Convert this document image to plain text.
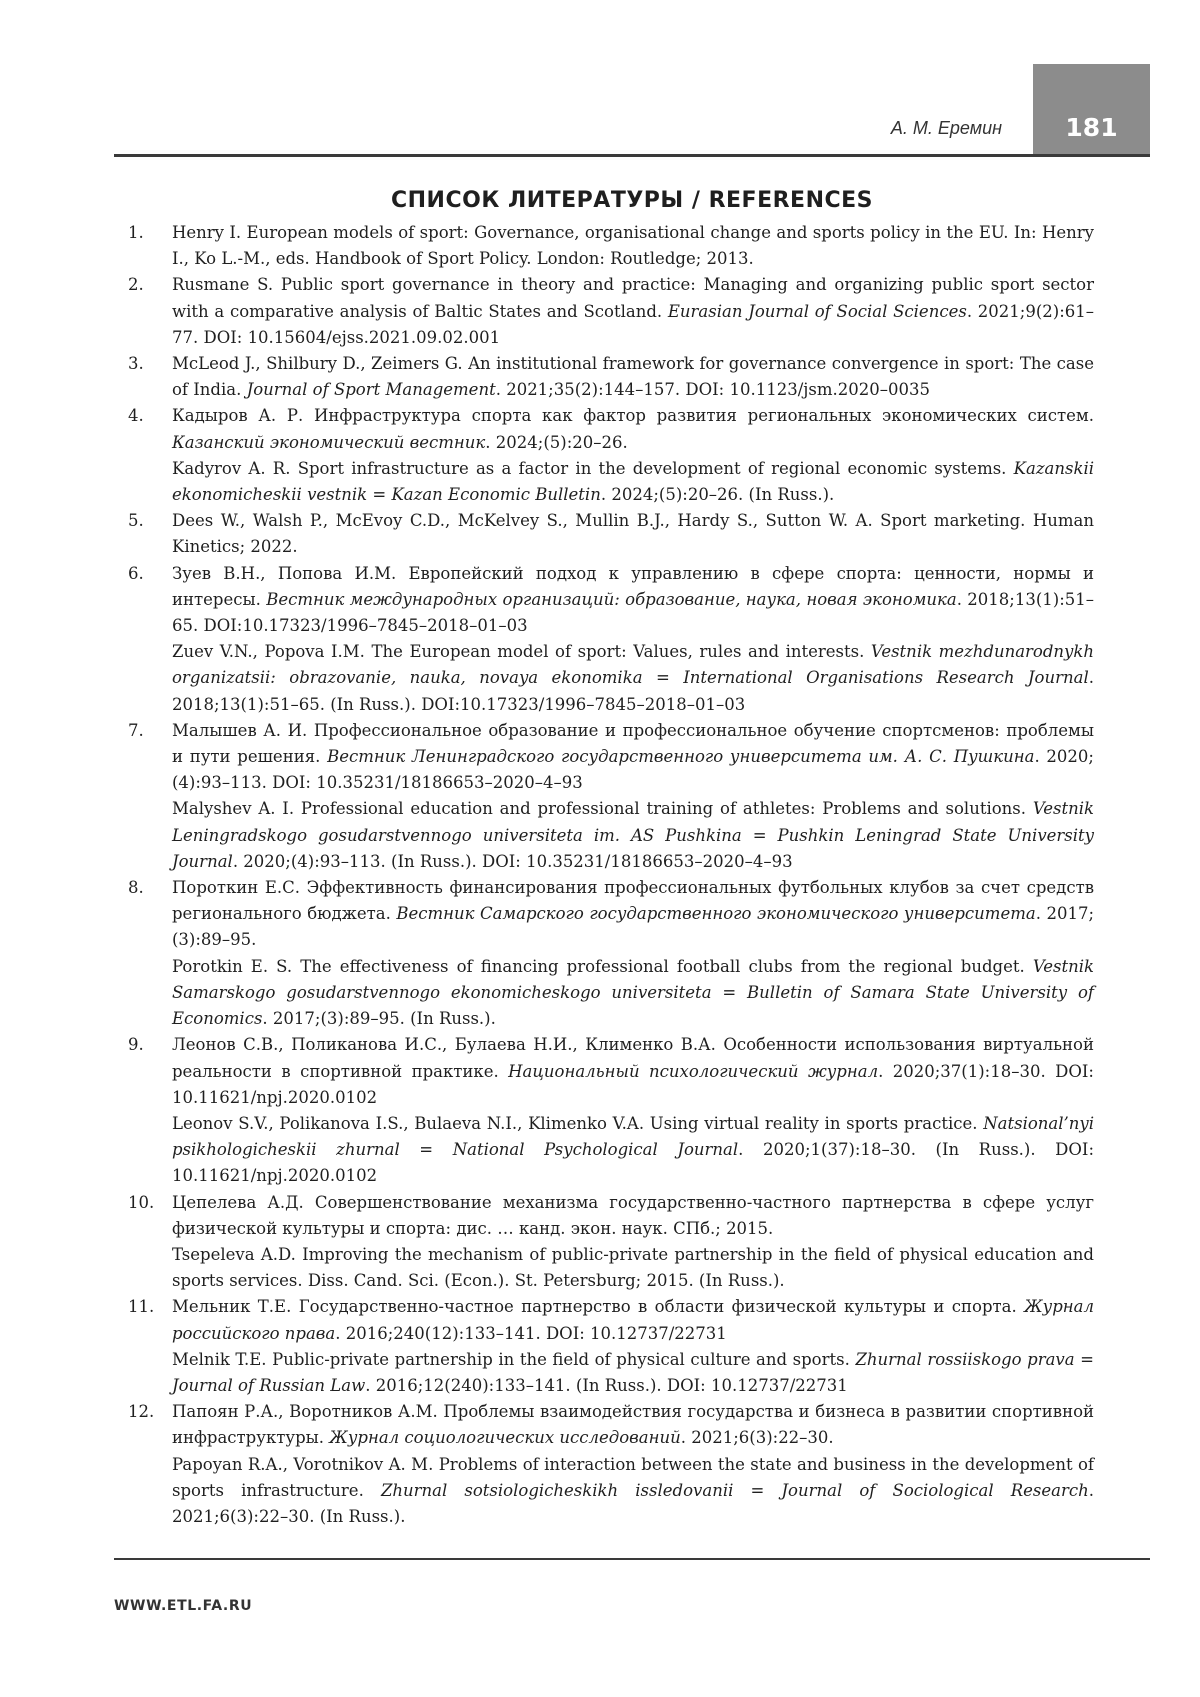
181
А. М. Еремин
СПИСОК ЛИТЕРАТУРЫ / REFERENCES
1. Henry I. European models of sport: Governance, organisational change and sports policy in the EU. In: Henry I., Ko L.-M., eds. Handbook of Sport Policy. London: Routledge; 2013.
2. Rusmane S. Public sport governance in theory and practice: Managing and organizing public sport sector with a comparative analysis of Baltic States and Scotland. Eurasian Journal of Social Sciences. 2021;9(2):61–77. DOI: 10.15604/ejss.2021.09.02.001
3. McLeod J., Shilbury D., Zeimers G. An institutional framework for governance convergence in sport: The case of India. Journal of Sport Management. 2021;35(2):144–157. DOI: 10.1123/jsm.2020–0035
4. Кадыров А. Р. Инфраструктура спорта как фактор развития региональных экономических систем. Казанский экономический вестник. 2024;(5):20–26.
Kadyrov A. R. Sport infrastructure as a factor in the development of regional economic systems. Kazanskii ekonomicheskii vestnik = Kazan Economic Bulletin. 2024;(5):20–26. (In Russ.).
5. Dees W., Walsh P., McEvoy C.D., McKelvey S., Mullin B.J., Hardy S., Sutton W. A. Sport marketing. Human Kinetics; 2022.
6. Зуев В.Н., Попова И.М. Европейский подход к управлению в сфере спорта: ценности, нормы и интересы. Вестник международных организаций: образование, наука, новая экономика. 2018;13(1):51–65. DOI:10.17323/1996–7845–2018–01–03
Zuev V.N., Popova I.M. The European model of sport: Values, rules and interests. Vestnik mezhdunarodnykh organizatsii: obrazovanie, nauka, novaya ekonomika = International Organisations Research Journal. 2018;13(1):51–65. (In Russ.). DOI:10.17323/1996–7845–2018–01–03
7. Малышев А. И. Профессиональное образование и профессиональное обучение спортсменов: проблемы и пути решения. Вестник Ленинградского государственного университета им. А. С. Пушкина. 2020;(4):93–113. DOI: 10.35231/18186653–2020–4–93
Malyshev A. I. Professional education and professional training of athletes: Problems and solutions. Vestnik Leningradskogo gosudarstvennogo universiteta im. AS Pushkina = Pushkin Leningrad State University Journal. 2020;(4):93–113. (In Russ.). DOI: 10.35231/18186653–2020–4–93
8. Пороткин Е.С. Эффективность финансирования профессиональных футбольных клубов за счет средств регионального бюджета. Вестник Самарского государственного экономического университета. 2017;(3):89–95.
Porotkin E. S. The effectiveness of financing professional football clubs from the regional budget. Vestnik Samarskogo gosudarstvennogo ekonomicheskogo universiteta = Bulletin of Samara State University of Economics. 2017;(3):89–95. (In Russ.).
9. Леонов С.В., Поликанова И.С., Булаева Н.И., Клименко В.А. Особенности использования виртуальной реальности в спортивной практике. Национальный психологический журнал. 2020;37(1):18–30. DOI: 10.11621/npj.2020.0102
Leonov S.V., Polikanova I.S., Bulaeva N.I., Klimenko V.A. Using virtual reality in sports practice. Natsional’nyi psikhologicheskii zhurnal = National Psychological Journal. 2020;1(37):18–30. (In Russ.). DOI: 10.11621/npj.2020.0102
10. Цепелева А.Д. Совершенствование механизма государственно-частного партнерства в сфере услуг физической культуры и спорта: дис. … канд. экон. наук. СПб.; 2015.
Tsepeleva A.D. Improving the mechanism of public-private partnership in the field of physical education and sports services. Diss. Cand. Sci. (Econ.). St. Petersburg; 2015. (In Russ.).
11. Мельник Т.Е. Государственно-частное партнерство в области физической культуры и спорта. Журнал российского права. 2016;240(12):133–141. DOI: 10.12737/22731
Melnik T.E. Public-private partnership in the field of physical culture and sports. Zhurnal rossiiskogo prava = Journal of Russian Law. 2016;12(240):133–141. (In Russ.). DOI: 10.12737/22731
12. Папоян Р.А., Воротников А.М. Проблемы взаимодействия государства и бизнеса в развитии спортивной инфраструктуры. Журнал социологических исследований. 2021;6(3):22–30.
Papoyan R.A., Vorotnikov A. M. Problems of interaction between the state and business in the development of sports infrastructure. Zhurnal sotsiologicheskikh issledovanii = Journal of Sociological Research. 2021;6(3):22–30. (In Russ.).
WWW.ETL.FA.RU
